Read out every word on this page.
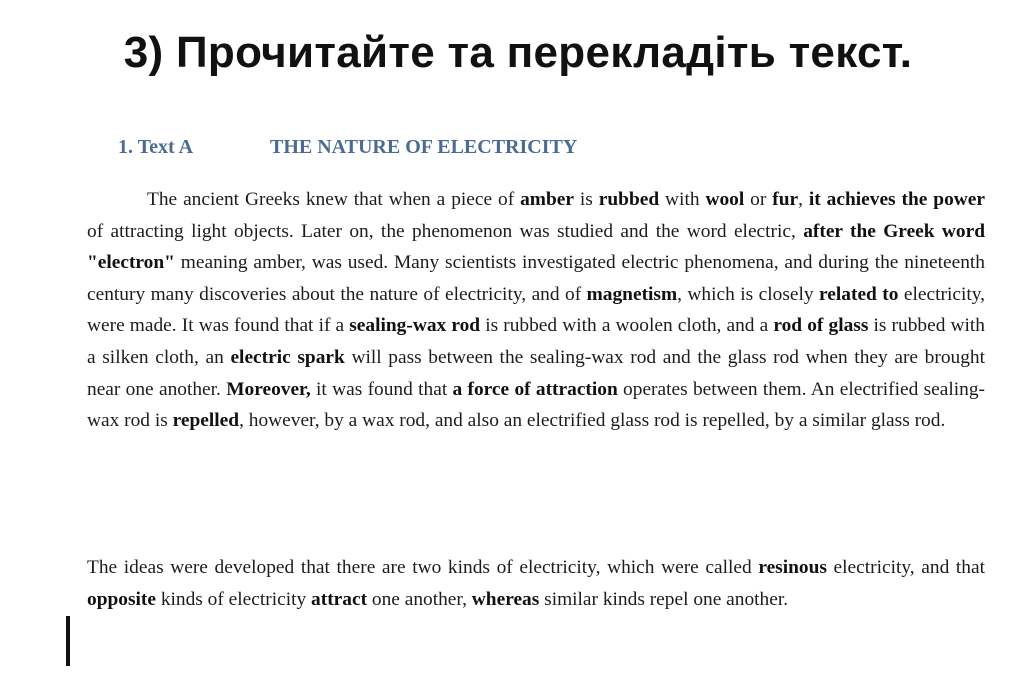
3) Прочитайте та перекладіть текст.
1. Text A	THE NATURE OF ELECTRICITY
The ancient Greeks knew that when a piece of amber is rubbed with wool or fur, it achieves the power of attracting light objects. Later on, the phenomenon was studied and the word electric, after the Greek word "electron" meaning amber, was used. Many scientists investigated electric phenomena, and during the nineteenth century many discoveries about the nature of electricity, and of magnetism, which is closely related to electricity, were made. It was found that if a sealing-wax rod is rubbed with a woolen cloth, and a rod of glass is rubbed with a silken cloth, an electric spark will pass between the sealing-wax rod and the glass rod when they are brought near one another. Moreover, it was found that a force of attraction operates between them. An electrified sealing-wax rod is repelled, however, by a wax rod, and also an electrified glass rod is repelled, by a similar glass rod.
The ideas were developed that there are two kinds of electricity, which were called resinous electricity, and that opposite kinds of electricity attract one another, whereas similar kinds repel one another.
